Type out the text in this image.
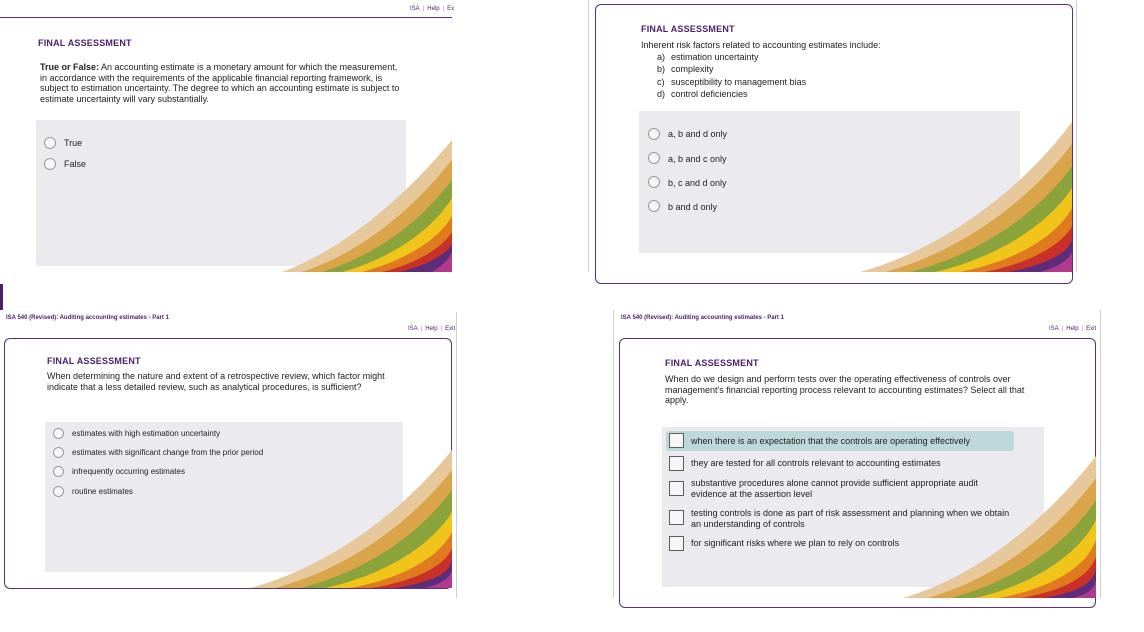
ISA | Help | Ex
FINAL ASSESSMENT
True or False: An accounting estimate is a monetary amount for which the measurement, in accordance with the requirements of the applicable financial reporting framework, is subject to estimation uncertainty. The degree to which an accounting estimate is subject to estimate uncertainty will vary substantially.
True
False
FINAL ASSESSMENT
Inherent risk factors related to accounting estimates include:
a) estimation uncertainty
b) complexity
c) susceptibility to management bias
d) control deficiencies
a, b and d only
a, b and c only
b, c and d only
b and d only
ISA 540 (Revised): Auditing accounting estimates - Part 1
ISA | Help | Exit
FINAL ASSESSMENT
When determining the nature and extent of a retrospective review, which factor might indicate that a less detailed review, such as analytical procedures, is sufficient?
estimates with high estimation uncertainty
estimates with significant change from the prior period
infrequently occurring estimates
routine estimates
ISA 540 (Revised): Auditing accounting estimates - Part 1
ISA | Help | Exit
FINAL ASSESSMENT
When do we design and perform tests over the operating effectiveness of controls over management's financial reporting process relevant to accounting estimates? Select all that apply.
when there is an expectation that the controls are operating effectively
they are tested for all controls relevant to accounting estimates
substantive procedures alone cannot provide sufficient appropriate audit evidence at the assertion level
testing controls is done as part of risk assessment and planning when we obtain an understanding of controls
for significant risks where we plan to rely on controls
